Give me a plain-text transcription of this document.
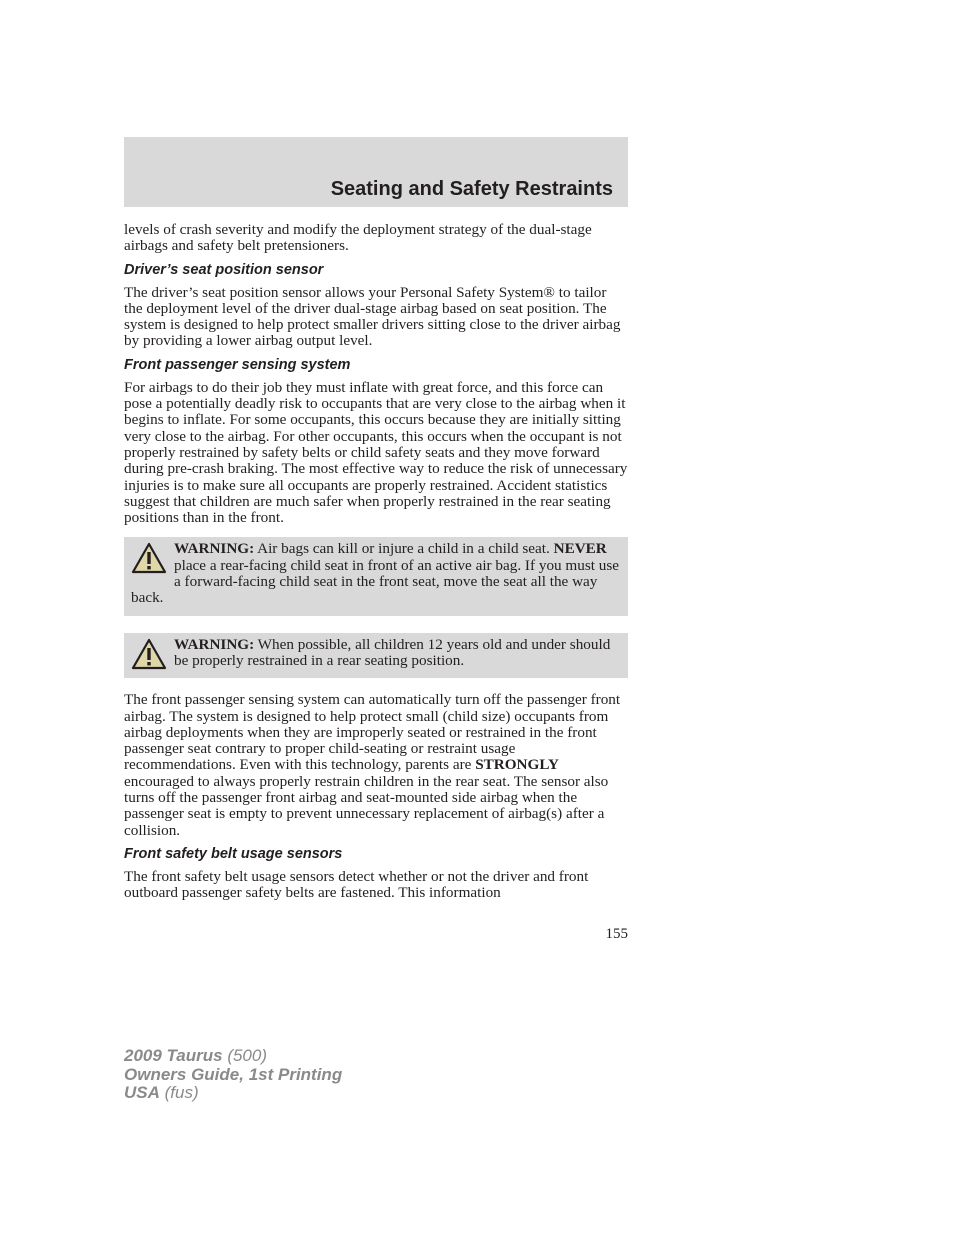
Seating and Safety Restraints

levels of crash severity and modify the deployment strategy of the dual-stage airbags and safety belt pretensioners.

Driver’s seat position sensor

The driver’s seat position sensor allows your Personal Safety System® to tailor the deployment level of the driver dual-stage airbag based on seat position. The system is designed to help protect smaller drivers sitting close to the driver airbag by providing a lower airbag output level.

Front passenger sensing system

For airbags to do their job they must inflate with great force, and this force can pose a potentially deadly risk to occupants that are very close to the airbag when it begins to inflate. For some occupants, this occurs because they are initially sitting very close to the airbag. For other occupants, this occurs when the occupant is not properly restrained by safety belts or child safety seats and they move forward during pre-crash braking. The most effective way to reduce the risk of unnecessary injuries is to make sure all occupants are properly restrained. Accident statistics suggest that children are much safer when properly restrained in the rear seating positions than in the front.

WARNING: Air bags can kill or injure a child in a child seat. NEVER place a rear-facing child seat in front of an active air bag. If you must use a forward-facing child seat in the front seat, move the seat all the way back.
WARNING: When possible, all children 12 years old and under should be properly restrained in a rear seating position.

The front passenger sensing system can automatically turn off the passenger front airbag. The system is designed to help protect small (child size) occupants from airbag deployments when they are improperly seated or restrained in the front passenger seat contrary to proper child-seating or restraint usage recommendations. Even with this technology, parents are STRONGLY encouraged to always properly restrain children in the rear seat. The sensor also turns off the passenger front airbag and seat-mounted side airbag when the passenger seat is empty to prevent unnecessary replacement of airbag(s) after a collision.

Front safety belt usage sensors

The front safety belt usage sensors detect whether or not the driver and front outboard passenger safety belts are fastened. This information

155
2009 Taurus (500)
Owners Guide, 1st Printing
USA (fus)
